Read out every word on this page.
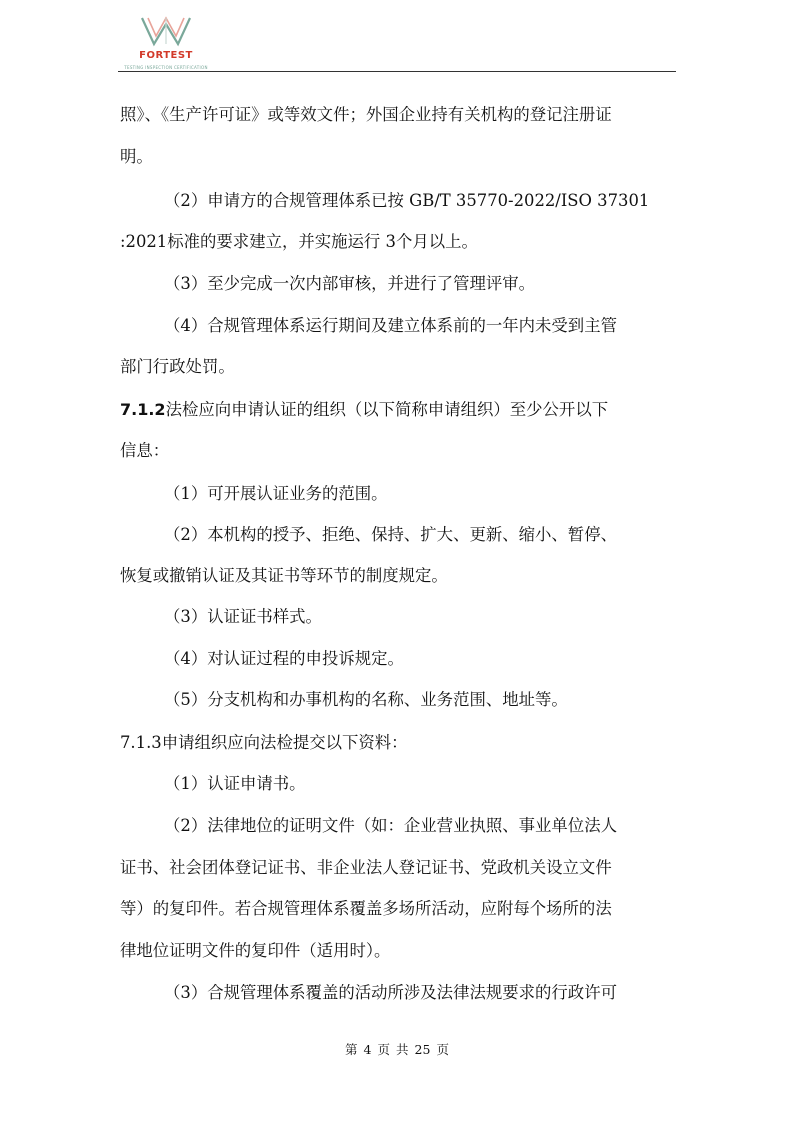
FORTEST
TESTING INSPECTION CERTIFICATION
照》、《生产许可证》或等效文件；外国企业持有关机构的登记注册证
明。
（2）申请方的合规管理体系已按 GB/T 35770-2022/ISO 37301
:2021标准的要求建立，并实施运行 3个月以上。
（3）至少完成一次内部审核，并进行了管理评审。
（4）合规管理体系运行期间及建立体系前的一年内未受到主管
部门行政处罚。
7.1.2法检应向申请认证的组织（以下简称申请组织）至少公开以下
信息：
（1）可开展认证业务的范围。
（2）本机构的授予、拒绝、保持、扩大、更新、缩小、暂停、
恢复或撤销认证及其证书等环节的制度规定。
（3）认证证书样式。
（4）对认证过程的申投诉规定。
（5）分支机构和办事机构的名称、业务范围、地址等。
7.1.3申请组织应向法检提交以下资料：
（1）认证申请书。
（2）法律地位的证明文件（如：企业营业执照、事业单位法人
证书、社会团体登记证书、非企业法人登记证书、党政机关设立文件
等）的复印件。若合规管理体系覆盖多场所活动，应附每个场所的法
律地位证明文件的复印件（适用时）。
（3）合规管理体系覆盖的活动所涉及法律法规要求的行政许可
第 4 页 共 25 页
